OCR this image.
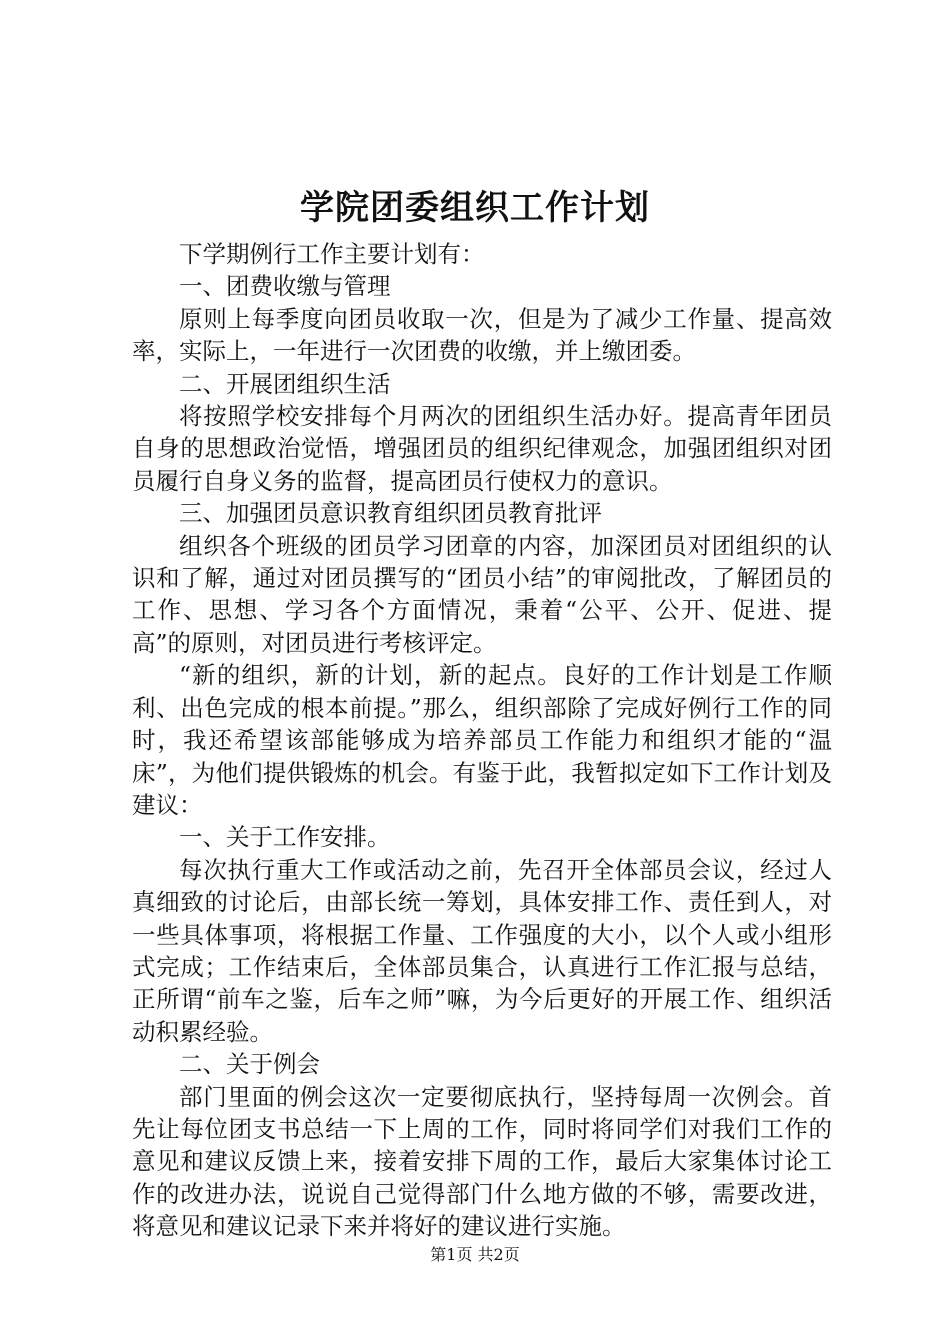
学院团委组织工作计划

下学期例行工作主要计划有：

一、团费收缴与管理

原则上每季度向团员收取一次，但是为了减少工作量、提高效率，实际上，一年进行一次团费的收缴，并上缴团委。

二、开展团组织生活

将按照学校安排每个月两次的团组织生活办好。提高青年团员自身的思想政治觉悟，增强团员的组织纪律观念，加强团组织对团员履行自身义务的监督，提高团员行使权力的意识。

三、加强团员意识教育组织团员教育批评

组织各个班级的团员学习团章的内容，加深团员对团组织的认识和了解，通过对团员撰写的“团员小结”的审阅批改，了解团员的工作、思想、学习各个方面情况，秉着“公平、公开、促进、提高”的原则，对团员进行考核评定。

“新的组织，新的计划，新的起点。良好的工作计划是工作顺利、出色完成的根本前提。”那么，组织部除了完成好例行工作的同时，我还希望该部能够成为培养部员工作能力和组织才能的“温床”，为他们提供锻炼的机会。有鉴于此，我暂拟定如下工作计划及建议：

一、关于工作安排。

每次执行重大工作或活动之前，先召开全体部员会议，经过人真细致的讨论后，由部长统一筹划，具体安排工作、责任到人，对一些具体事项，将根据工作量、工作强度的大小，以个人或小组形式完成；工作结束后，全体部员集合，认真进行工作汇报与总结，正所谓“前车之鉴，后车之师”嘛，为今后更好的开展工作、组织活动积累经验。

二、关于例会

部门里面的例会这次一定要彻底执行，坚持每周一次例会。首先让每位团支书总结一下上周的工作，同时将同学们对我们工作的意见和建议反馈上来，接着安排下周的工作，最后大家集体讨论工作的改进办法，说说自己觉得部门什么地方做的不够，需要改进，将意见和建议记录下来并将好的建议进行实施。

第1页 共2页
